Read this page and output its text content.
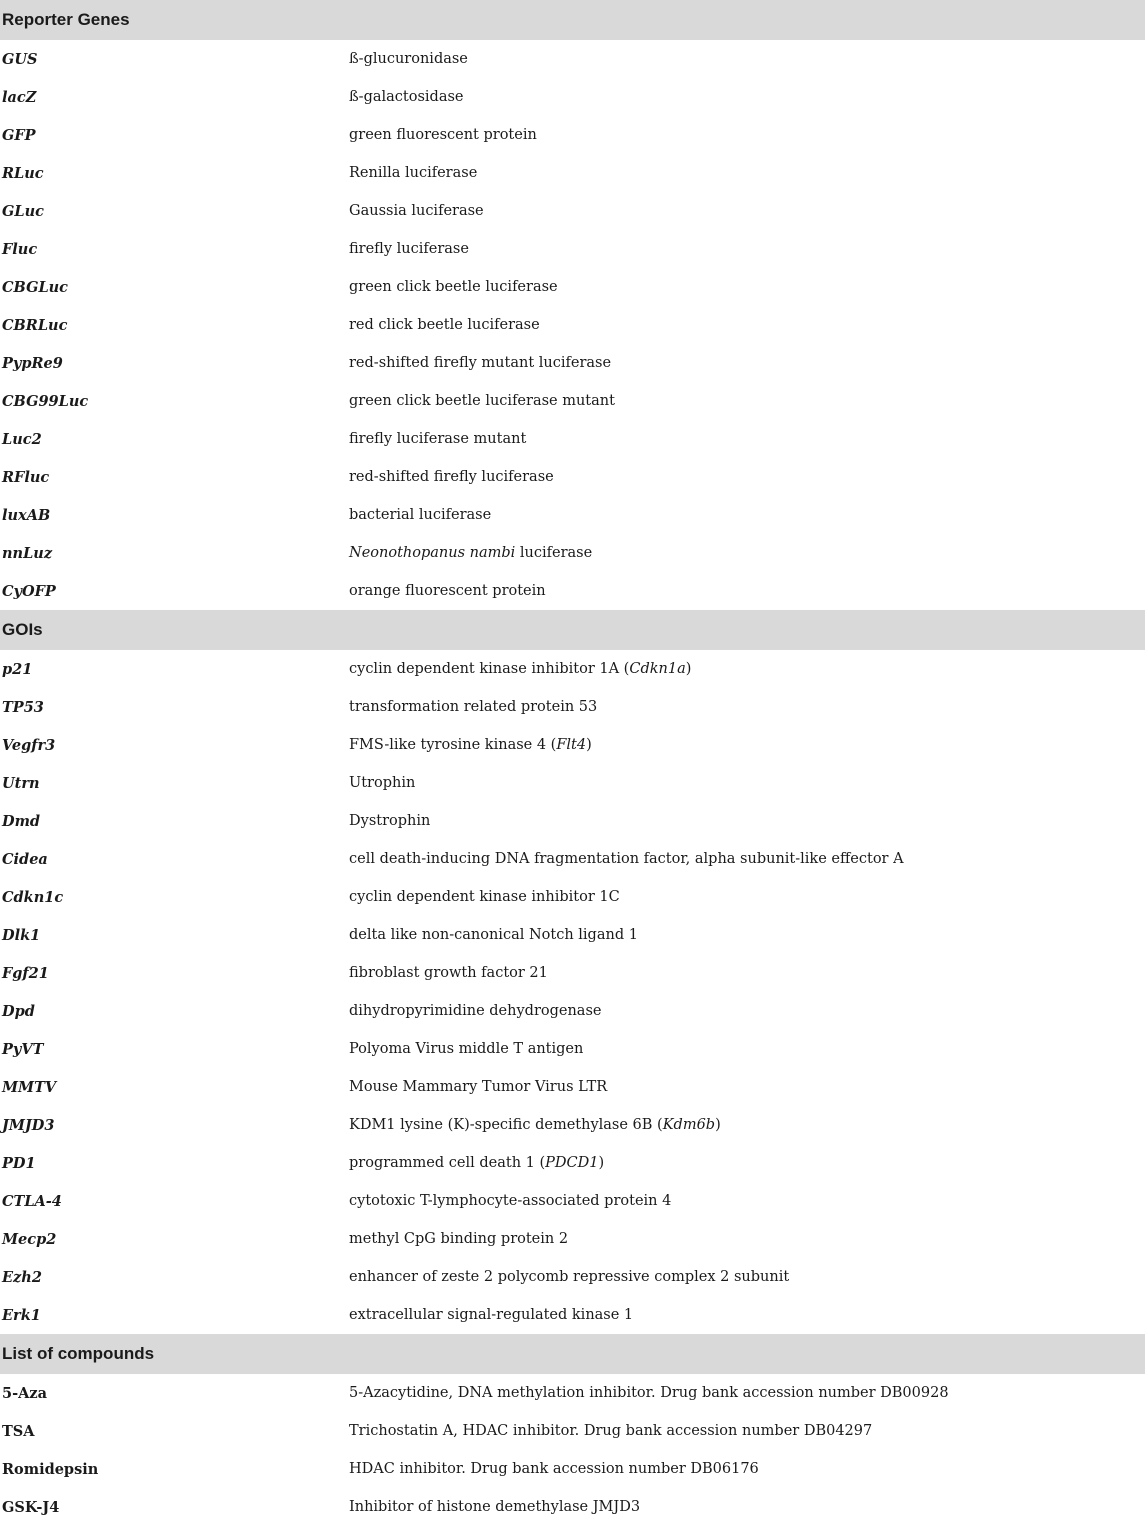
Reporter Genes
GUS	ß-glucuronidase
lacZ	ß-galactosidase
GFP	green fluorescent protein
RLuc	Renilla luciferase
GLuc	Gaussia luciferase
Fluc	firefly luciferase
CBGLuc	green click beetle luciferase
CBRLuc	red click beetle luciferase
PypRe9	red-shifted firefly mutant luciferase
CBG99Luc	green click beetle luciferase mutant
Luc2	firefly luciferase mutant
RFluc	red-shifted firefly luciferase
luxAB	bacterial luciferase
nnLuz	Neonothopanus nambi luciferase
CyOFP	orange fluorescent protein
GOIs
p21	cyclin dependent kinase inhibitor 1A (Cdkn1a)
TP53	transformation related protein 53
Vegfr3	FMS-like tyrosine kinase 4 (Flt4)
Utrn	Utrophin
Dmd	Dystrophin
Cidea	cell death-inducing DNA fragmentation factor, alpha subunit-like effector A
Cdkn1c	cyclin dependent kinase inhibitor 1C
Dlk1	delta like non-canonical Notch ligand 1
Fgf21	fibroblast growth factor 21
Dpd	dihydropyrimidine dehydrogenase
PyVT	Polyoma Virus middle T antigen
MMTV	Mouse Mammary Tumor Virus LTR
JMJD3	KDM1 lysine (K)-specific demethylase 6B (Kdm6b)
PD1	programmed cell death 1 (PDCD1)
CTLA-4	cytotoxic T-lymphocyte-associated protein 4
Mecp2	methyl CpG binding protein 2
Ezh2	enhancer of zeste 2 polycomb repressive complex 2 subunit
Erk1	extracellular signal-regulated kinase 1
List of compounds
5-Aza	5-Azacytidine, DNA methylation inhibitor. Drug bank accession number DB00928
TSA	Trichostatin A, HDAC inhibitor. Drug bank accession number DB04297
Romidepsin	HDAC inhibitor. Drug bank accession number DB06176
GSK-J4	Inhibitor of histone demethylase JMJD3
